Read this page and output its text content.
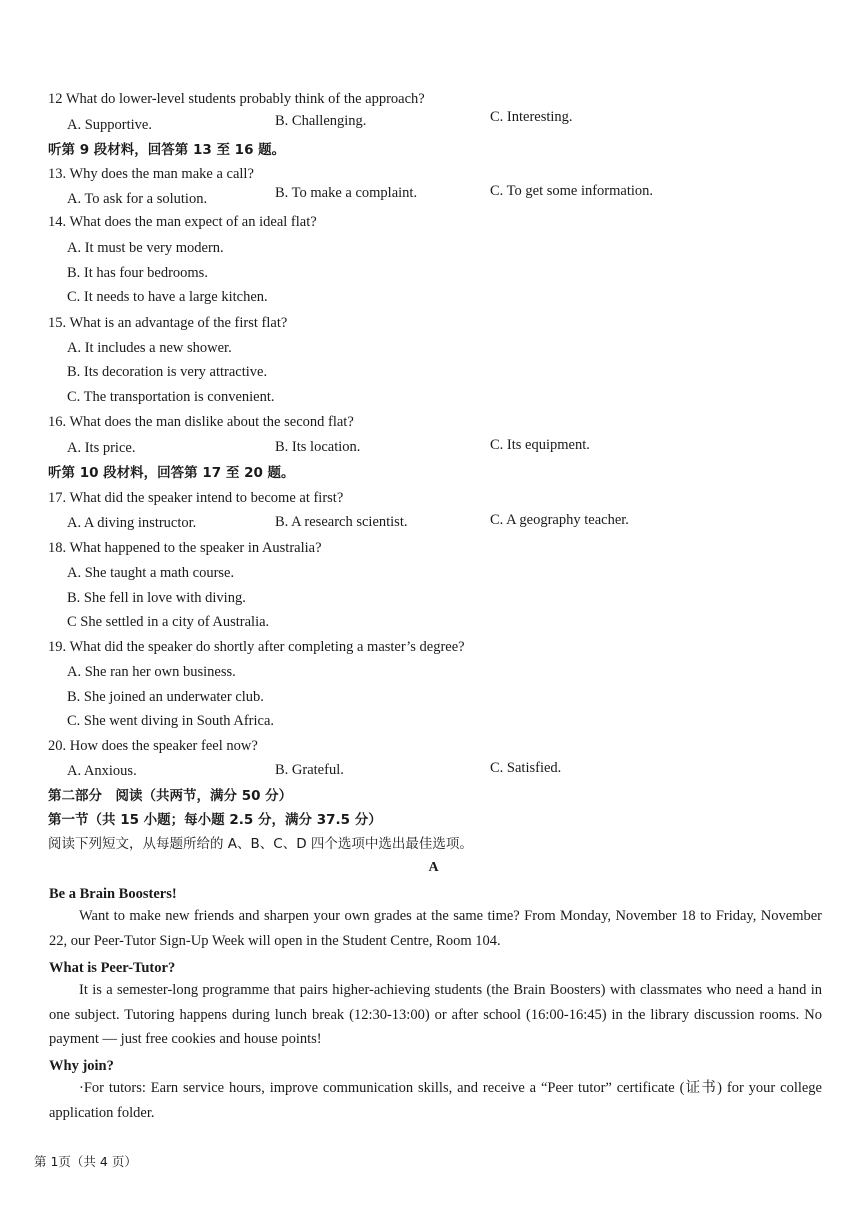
12 What do lower-level students probably think of the approach?
A. Supportive.	B. Challenging.	C. Interesting.
听第 9 段材料，回答第 13 至 16 题。
13. Why does the man make a call?
A. To ask for a solution.	B. To make a complaint.	C. To get some information.
14. What does the man expect of an ideal flat?
A. It must be very modern.
B. It has four bedrooms.
C. It needs to have a large kitchen.
15. What is an advantage of the first flat?
A. It includes a new shower.
B. Its decoration is very attractive.
C. The transportation is convenient.
16. What does the man dislike about the second flat?
A. Its price.	B. Its location.	C. Its equipment.
听第 10 段材料，回答第 17 至 20 题。
17. What did the speaker intend to become at first?
A. A diving instructor.	B. A research scientist.	C. A geography teacher.
18. What happened to the speaker in Australia?
A. She taught a math course.
B. She fell in love with diving.
C She settled in a city of Australia.
19. What did the speaker do shortly after completing a master’s degree?
A. She ran her own business.
B. She joined an underwater club.
C. She went diving in South Africa.
20. How does the speaker feel now?
A. Anxious.	B. Grateful.	C. Satisfied.
第二部分　阅读（共两节，满分 50 分）
第一节（共 15 小题；每小题 2.5 分，满分 37.5 分）
阅读下列短文，从每题所给的 A、B、C、D 四个选项中选出最佳选项。
A
Be a Brain Boosters!
Want to make new friends and sharpen your own grades at the same time? From Monday, November 18 to Friday, November 22, our Peer-Tutor Sign-Up Week will open in the Student Centre, Room 104.
What is Peer-Tutor?
It is a semester-long programme that pairs higher-achieving students (the Brain Boosters) with classmates who need a hand in one subject. Tutoring happens during lunch break (12:30-13:00) or after school (16:00-16:45) in the library discussion rooms. No payment — just free cookies and house points!
Why join?
·For tutors: Earn service hours, improve communication skills, and receive a “Peer tutor” certificate (证书) for your college application folder.
第 1页（共 4 页）
